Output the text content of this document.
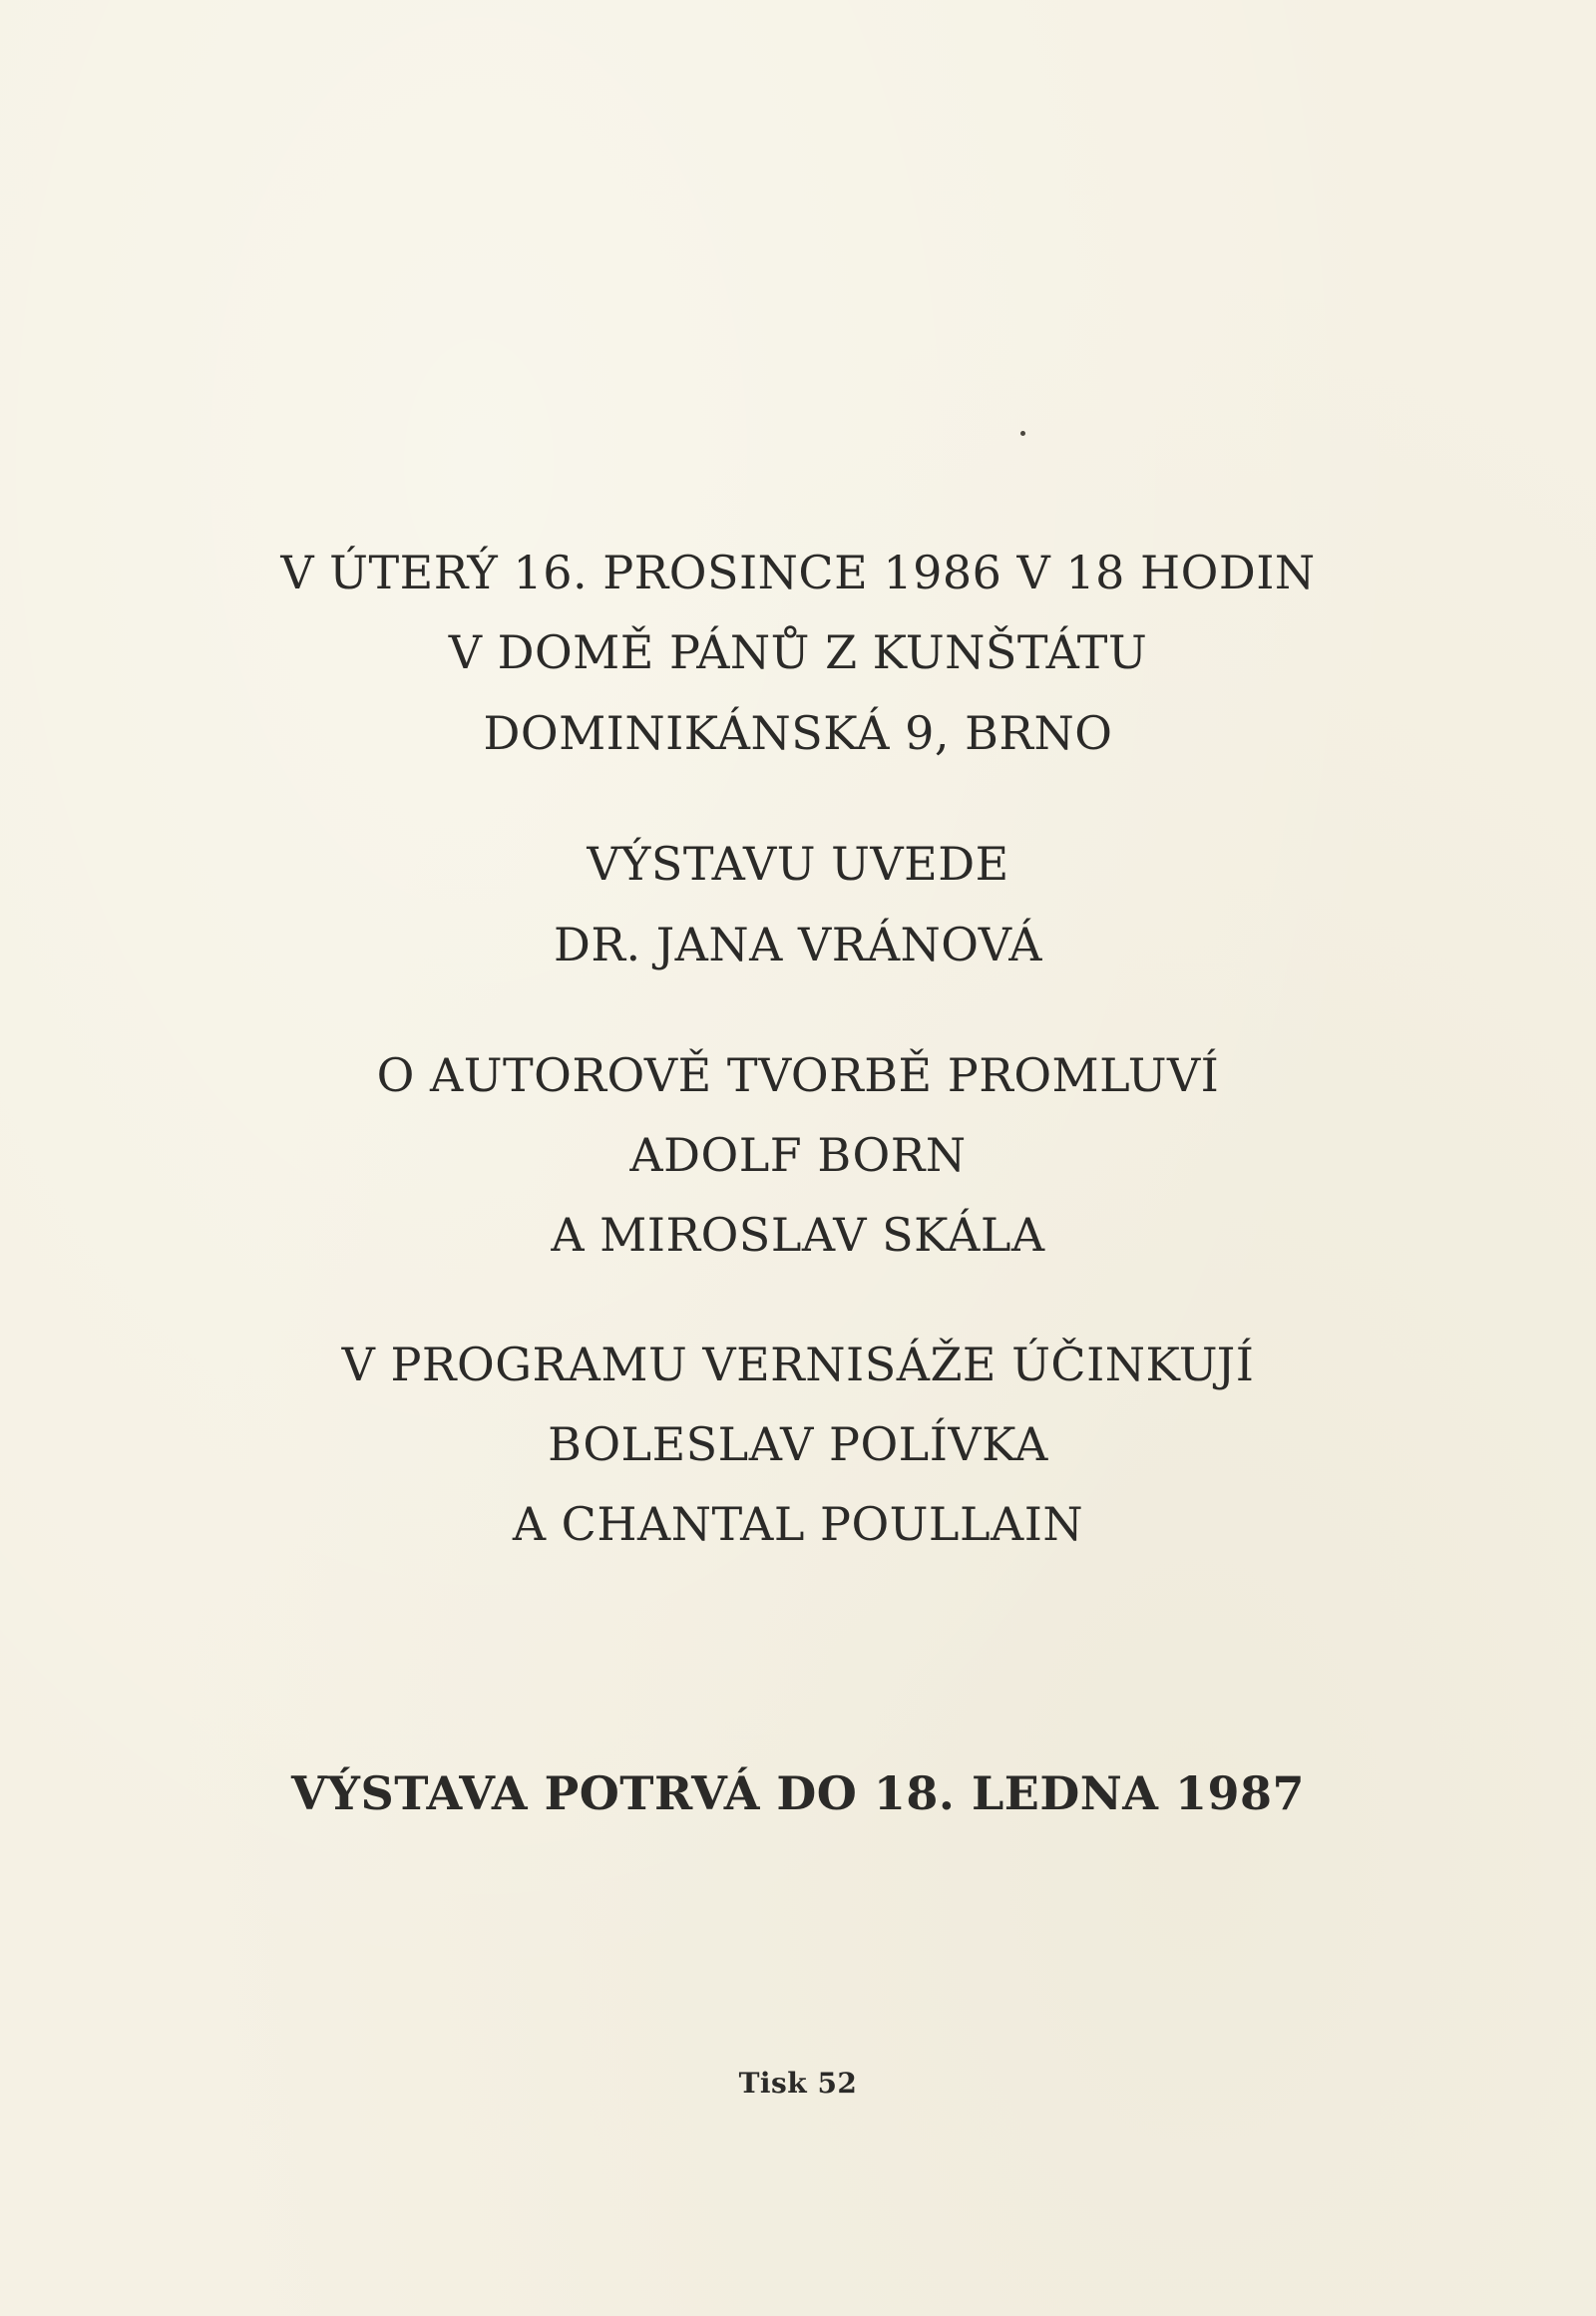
V ÚTERÝ 16. PROSINCE 1986 V 18 HODIN
V DOMĚ PÁNŮ Z KUNŠTÁTU
DOMINIKÁNSKÁ 9, BRNO
VÝSTAVU UVEDE
DR. JANA VRÁNOVÁ
O AUTOROVĚ TVORBĚ PROMLUVÍ
ADOLF BORN
A MIROSLAV SKÁLA
V PROGRAMU VERNISÁŽE ÚČINKUJÍ
BOLESLAV POLÍVKA
A CHANTAL POULLAIN
VÝSTAVA POTRVÁ DO 18. LEDNA 1987
Tisk 52
